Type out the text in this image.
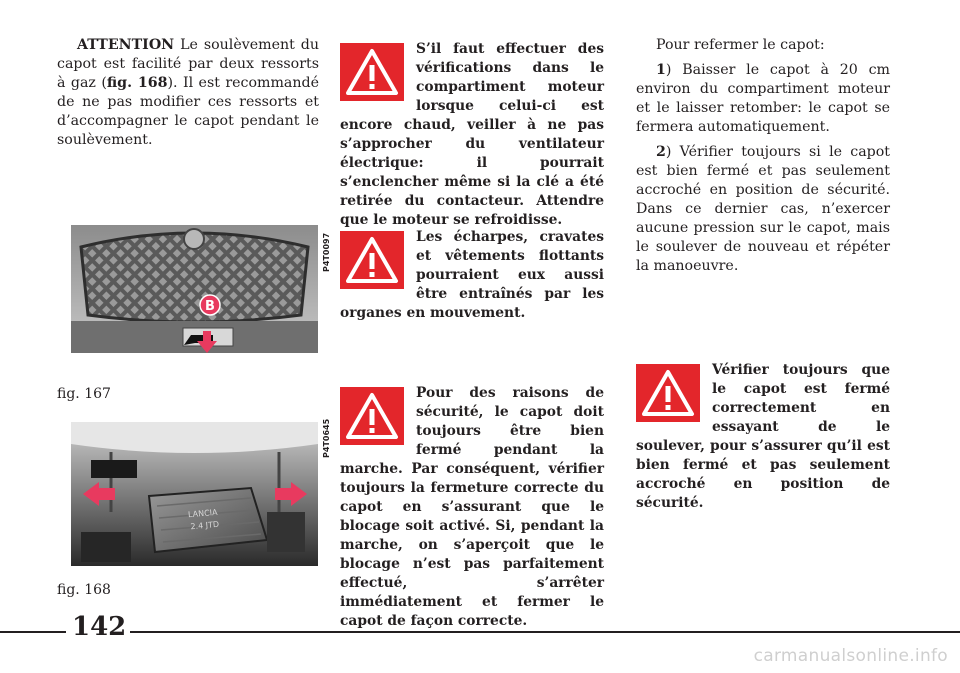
ATTENTION Le soulèvement du capot est facilité par deux ressorts à gaz (fig. 168). Il est recommandé de ne pas modifier ces ressorts et d’accompagner le capot pendant le soulèvement.

B
P4T0097
fig. 167
LANCIA
2.4 JTD
P4T0645
fig. 168
S’il faut effectuer des vérifications dans le compartiment moteur lorsque celui-ci est encore chaud, veiller à ne pas s’approcher du ventilateur électrique: il pourrait s’enclencher même si la clé a été retirée du contacteur. Attendre que le moteur se refroidisse.
Les écharpes, cravates et vêtements flottants pourraient eux aussi être entraînés par les organes en mouvement.
Pour des raisons de sécurité, le capot doit toujours être bien fermé pendant la marche. Par conséquent, vérifier toujours la fermeture correcte du capot en s’assurant que le blocage soit activé. Si, pendant la marche, on s’aperçoit que le blocage n’est pas parfaitement effectué, s’arrêter immédiatement et fermer le capot de façon correcte.

Pour refermer le capot:

1) Baisser le capot à 20 cm environ du compartiment moteur et le laisser retomber: le capot se fermera automatiquement.

2) Vérifier toujours si le capot est bien fermé et pas seulement accroché en position de sécurité. Dans ce dernier cas, n’exercer aucune pression sur le capot, mais le soulever de nouveau et répéter la manoeuvre.

Vérifier toujours que le capot est fermé correctement en essayant de le soulever, pour s’assurer qu’il est bien fermé et pas seulement accroché en position de sécurité.
142
carmanualsonline.info
